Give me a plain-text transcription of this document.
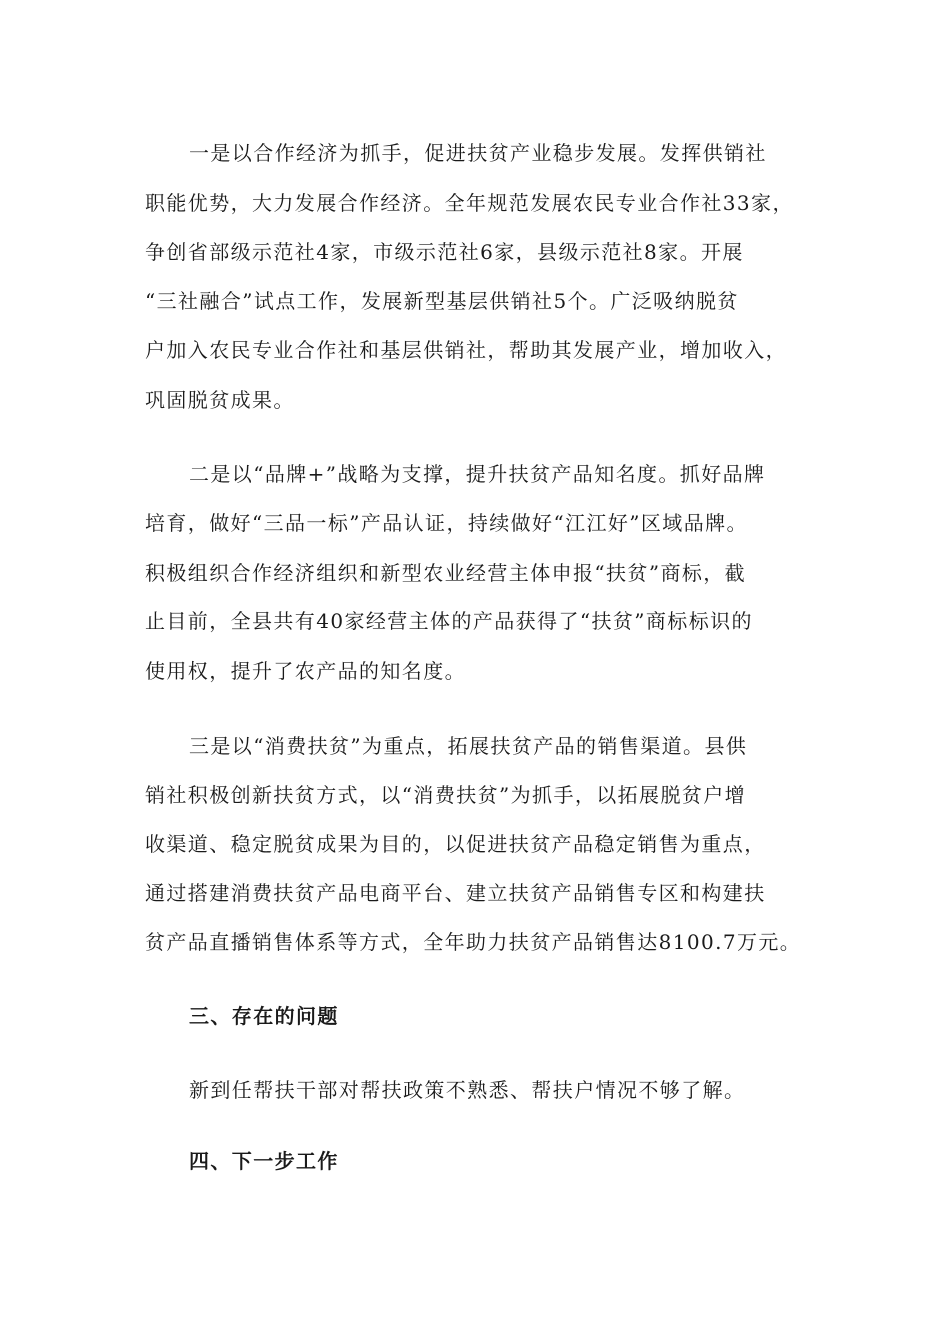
一是以合作经济为抓手，促进扶贫产业稳步发展。发挥供销社
职能优势，大力发展合作经济。全年规范发展农民专业合作社33家，
争创省部级示范社4家，市级示范社6家，县级示范社8家。开展
“三社融合”试点工作，发展新型基层供销社5个。广泛吸纳脱贫
户加入农民专业合作社和基层供销社，帮助其发展产业，增加收入，
巩固脱贫成果。
二是以“品牌+”战略为支撑，提升扶贫产品知名度。抓好品牌
培育，做好“三品一标”产品认证，持续做好“江江好”区域品牌。
积极组织合作经济组织和新型农业经营主体申报“扶贫”商标，截
止目前，全县共有40家经营主体的产品获得了“扶贫”商标标识的
使用权，提升了农产品的知名度。
三是以“消费扶贫”为重点，拓展扶贫产品的销售渠道。县供
销社积极创新扶贫方式，以“消费扶贫”为抓手，以拓展脱贫户增
收渠道、稳定脱贫成果为目的，以促进扶贫产品稳定销售为重点，
通过搭建消费扶贫产品电商平台、建立扶贫产品销售专区和构建扶
贫产品直播销售体系等方式，全年助力扶贫产品销售达8100.7万元。
三、存在的问题
新到任帮扶干部对帮扶政策不熟悉、帮扶户情况不够了解。
四、下一步工作
